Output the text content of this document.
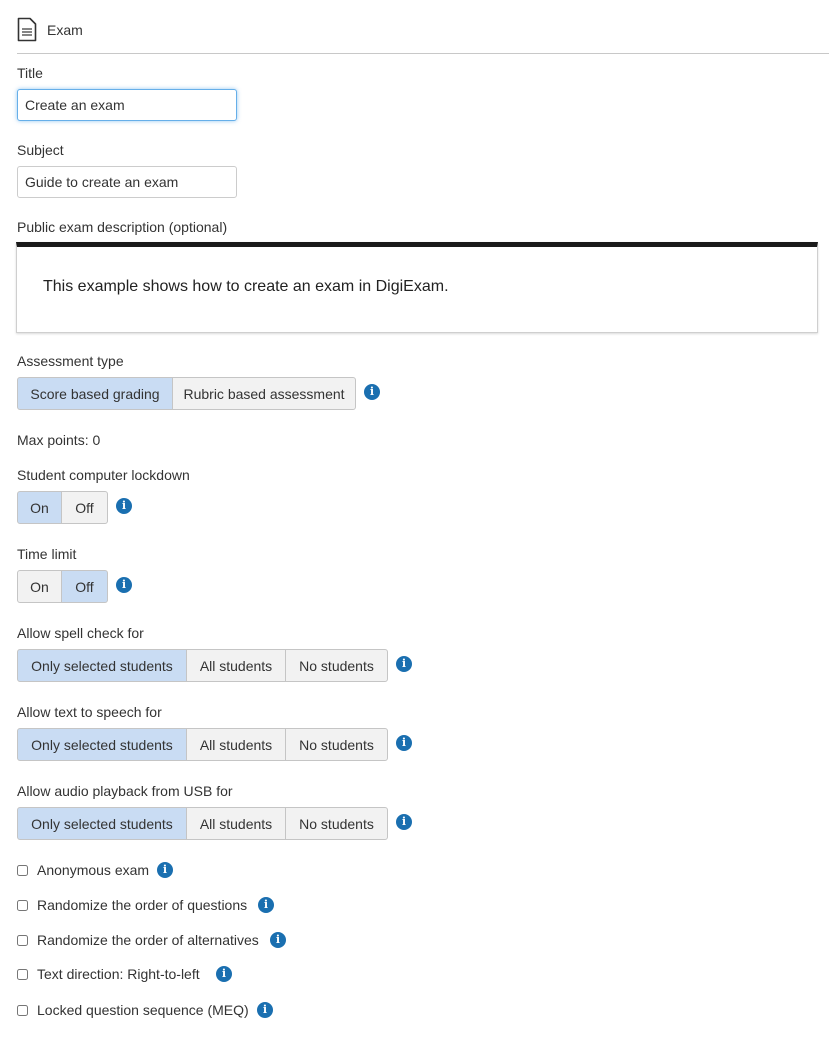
Exam
Title
Create an exam
Subject
Guide to create an exam
Public exam description (optional)
This example shows how to create an exam in DigiExam.
Assessment type
Score based grading	Rubric based assessment	i
Max points: 0
Student computer lockdown
On	Off	i
Time limit
On	Off	i
Allow spell check for
Only selected students	All students	No students	i
Allow text to speech for
Only selected students	All students	No students	i
Allow audio playback from USB for
Only selected students	All students	No students	i
Anonymous exam	i
Randomize the order of questions	i
Randomize the order of alternatives	i
Text direction: Right-to-left	i
Locked question sequence (MEQ)	i
